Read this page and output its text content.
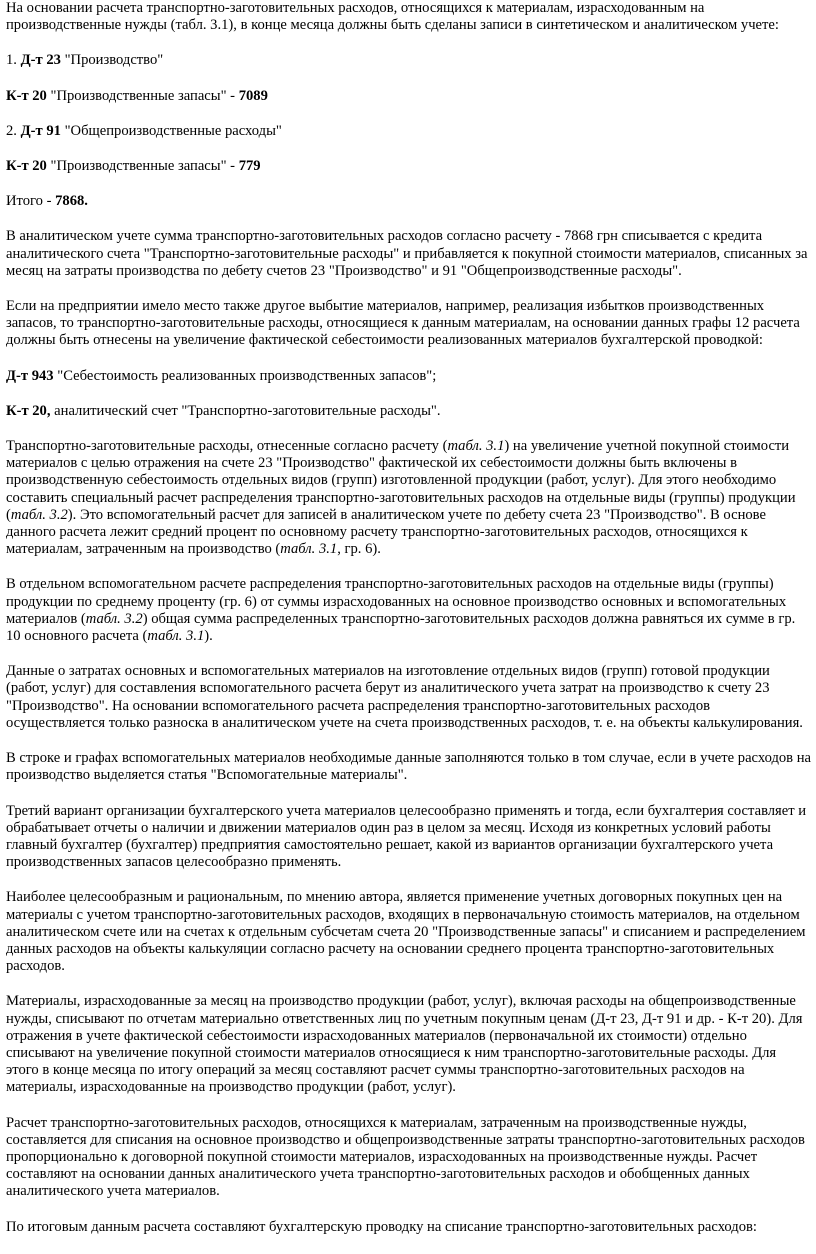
На основании расчета транспортно-заготовительных расходов, относящихся к материалам, израсходованным на производственные нужды (табл. 3.1), в конце месяца должны быть сделаны записи в синтетическом и аналитическом учете:

1. Д-т 23 "Производство"

К-т 20 "Производственные запасы" - 7089

2. Д-т 91 "Общепроизводственные расходы"

К-т 20 "Производственные запасы" - 779

Итого - 7868.

В аналитическом учете сумма транспортно-заготовительных расходов согласно расчету - 7868 грн списывается с кредита аналитического счета "Транспортно-заготовительные расходы" и прибавляется к покупной стоимости материалов, списанных за месяц на затраты производства по дебету счетов 23 "Производство" и 91 "Общепроизводственные расходы".

Если на предприятии имело место также другое выбытие материалов, например, реализация избытков производственных запасов, то транспортно-заготовительные расходы, относящиеся к данным материалам, на основании данных графы 12 расчета должны быть отнесены на увеличение фактической себестоимости реализованных материалов бухгалтерской проводкой:

Д-т 943 "Себестоимость реализованных производственных запасов";

К-т 20, аналитический счет "Транспортно-заготовительные расходы".

Транспортно-заготовительные расходы, отнесенные согласно расчету (табл. 3.1) на увеличение учетной покупной стоимости материалов с целью отражения на счете 23 "Производство" фактической их себестоимости должны быть включены в производственную себестоимость отдельных видов (групп) изготовленной продукции (работ, услуг). Для этого необходимо составить специальный расчет распределения транспортно-заготовительных расходов на отдельные виды (группы) продукции (табл. 3.2). Это вспомогательный расчет для записей в аналитическом учете по дебету счета 23 "Производство". В основе данного расчета лежит средний процент по основному расчету транспортно-заготовительных расходов, относящихся к материалам, затраченным на производство (табл. 3.1, гр. 6).

В отдельном вспомогательном расчете распределения транспортно-заготовительных расходов на отдельные виды (группы) продукции по среднему проценту (гр. 6) от суммы израсходованных на основное производство основных и вспомогательных материалов (табл. 3.2) общая сумма распределенных транспортно-заготовительных расходов должна равняться их сумме в гр. 10 основного расчета (табл. 3.1).

Данные о затратах основных и вспомогательных материалов на изготовление отдельных видов (групп) готовой продукции (работ, услуг) для составления вспомогательного расчета берут из аналитического учета затрат на производство к счету 23 "Производство". На основании вспомогательного расчета распределения транспортно-заготовительных расходов осуществляется только разноска в аналитическом учете на счета производственных расходов, т. е. на объекты калькулирования.

В строке и графах вспомогательных материалов необходимые данные заполняются только в том случае, если в учете расходов на производство выделяется статья "Вспомогательные материалы".

Третий вариант организации бухгалтерского учета материалов целесообразно применять и тогда, если бухгалтерия составляет и обрабатывает отчеты о наличии и движении материалов один раз в целом за месяц. Исходя из конкретных условий работы главный бухгалтер (бухгалтер) предприятия самостоятельно решает, какой из вариантов организации бухгалтерского учета производственных запасов целесообразно применять.

Наиболее целесообразным и рациональным, по мнению автора, является применение учетных договорных покупных цен на материалы с учетом транспортно-заготовительных расходов, входящих в первоначальную стоимость материалов, на отдельном аналитическом счете или на счетах к отдельным субсчетам счета 20 "Производственные запасы" и списанием и распределением данных расходов на объекты калькуляции согласно расчету на основании среднего процента транспортно-заготовительных расходов.

Материалы, израсходованные за месяц на производство продукции (работ, услуг), включая расходы на общепроизводственные нужды, списывают по отчетам материально ответственных лиц по учетным покупным ценам (Д-т 23, Д-т 91 и др. - К-т 20). Для отражения в учете фактической себестоимости израсходованных материалов (первоначальной их стоимости) отдельно списывают на увеличение покупной стоимости материалов относящиеся к ним транспортно-заготовительные расходы. Для этого в конце месяца по итогу операций за месяц составляют расчет суммы транспортно-заготовительных расходов на материалы, израсходованные на производство продукции (работ, услуг).

Расчет транспортно-заготовительных расходов, относящихся к материалам, затраченным на производственные нужды, составляется для списания на основное производство и общепроизводственные затраты транспортно-заготовительных расходов пропорционально к договорной покупной стоимости материалов, израсходованных на производственные нужды. Расчет составляют на основании данных аналитического учета транспортно-заготовительных расходов и обобщенных данных аналитического учета материалов.

По итоговым данным расчета составляют бухгалтерскую проводку на списание транспортно-заготовительных расходов:
